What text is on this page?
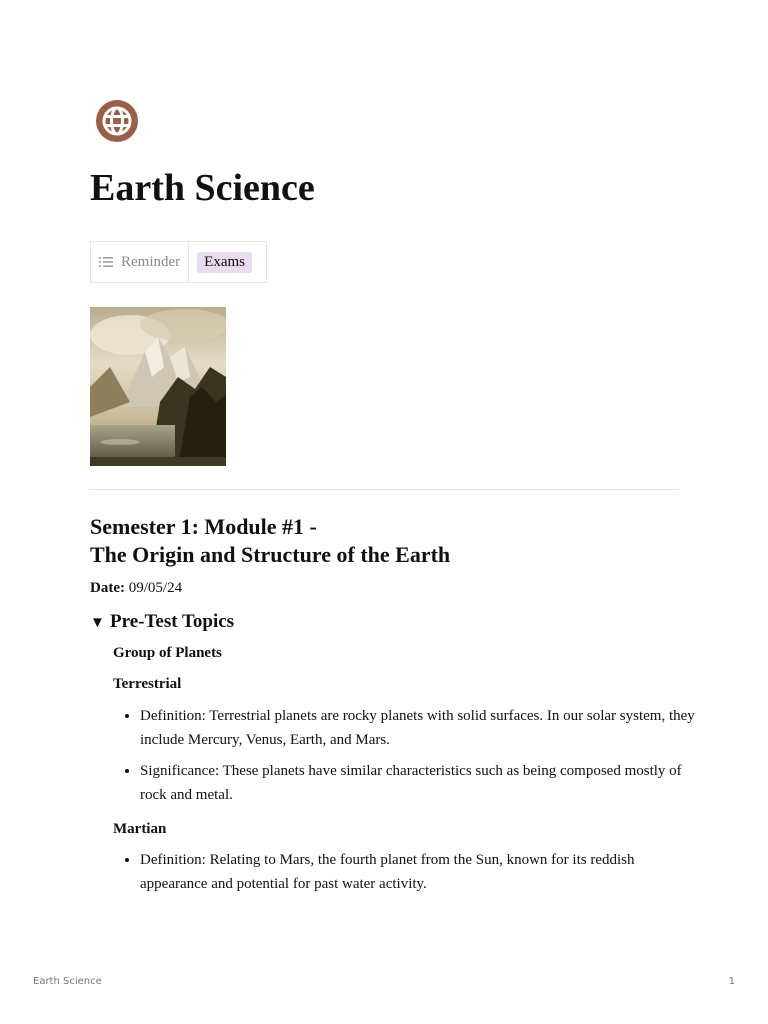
Earth Science
Reminder	Exams
Semester 1: Module #1 -
The Origin and Structure of the Earth
Date: 09/05/24
▼ Pre-Test Topics
Group of Planets
Terrestrial
• Definition: Terrestrial planets are rocky planets with solid surfaces. In our solar system, they include Mercury, Venus, Earth, and Mars.
• Significance: These planets have similar characteristics such as being composed mostly of rock and metal.
Martian
• Definition: Relating to Mars, the fourth planet from the Sun, known for its reddish appearance and potential for past water activity.
Earth Science	1
